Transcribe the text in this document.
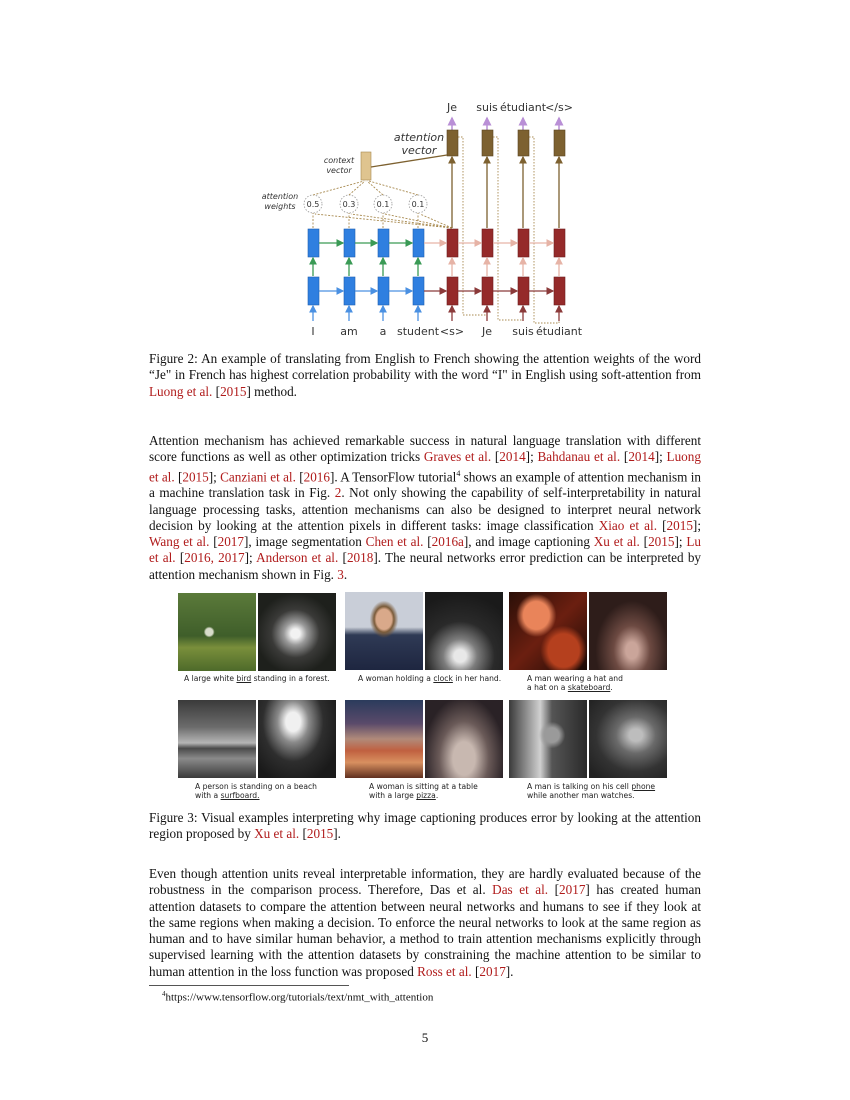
Je suis étudiant </s>
attention
vector
context
vector
attention
weights 0.5	0.3	0.1	0.1
I am a student <s> Je suis étudiant
Figure 2: An example of translating from English to French showing the attention weights of the word “Je" in French has highest correlation probability with the word “I" in English using soft-attention from Luong et al. [2015] method.
Attention mechanism has achieved remarkable success in natural language translation with different score functions as well as other optimization tricks Graves et al. [2014]; Bahdanau et al. [2014]; Luong et al. [2015]; Canziani et al. [2016]. A TensorFlow tutorial$^4$ shows an example of attention mechanism in a machine translation task in Fig. 2. Not only showing the capability of self-interpretability in natural language processing tasks, attention mechanisms can also be designed to interpret neural network decision by looking at the attention pixels in different tasks: image classification Xiao et al. [2015]; Wang et al. [2017], image segmentation Chen et al. [2016a], and image captioning Xu et al. [2015]; Lu et al. [2016, 2017]; Anderson et al. [2018]. The neural networks error prediction can be interpreted by attention mechanism shown in Fig. 3.
A large white bird standing in a forest.	A woman holding a clock in her hand.	A man wearing a hat and
a hat on a skateboard.
A person is standing on a beach
with a surfboard.
A woman is sitting at a table
with a large pizza.
A man is talking on his cell phone
while another man watches.
Figure 3: Visual examples interpreting why image captioning produces error by looking at the attention region proposed by Xu et al. [2015].
Even though attention units reveal interpretable information, they are hardly evaluated because of the robustness in the comparison process. Therefore, Das et al. Das et al. [2017] has created human attention datasets to compare the attention between neural networks and humans to see if they look at the same regions when making a decision. To enforce the neural networks to look at the same region as human and to have similar human behavior, a method to train attention mechanisms explicitly through supervised learning with the attention datasets by constraining the machine attention to be similar to human attention in the loss function was proposed Ross et al. [2017].
$^4$https://www.tensorflow.org/tutorials/text/nmt_with_attention
5
